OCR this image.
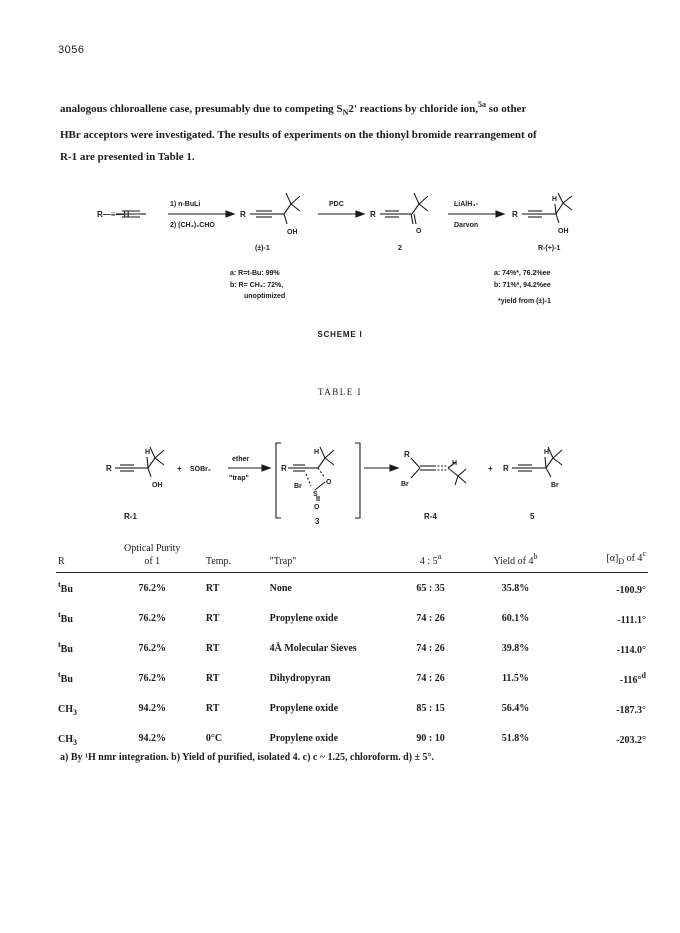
3056
analogous chloroallene case, presumably due to competing $S_N2'$ reactions by chloride ion,$^{5a}$ so other
HBr acceptors were investigated. The results of experiments on the thionyl bromide rearrangement of
R-1 are presented in Table 1.
R—≡—H
1) n-BuLi
2) (CH₃)₂CHO
R
OH
(±)-1
PDC
R
O
2
LiAlH₄-
Darvon
R
H
OH
R-(+)-1
a: R=t-Bu: 99%
b: R= CH₃: 72%,
unoptimized
a: 74%*, 76.2%ee
b: 71%*, 94.2%ee
*yield from (±)-1
SCHEME I
TABLE I
R
H
OH
+ SOBr₂
ether
"trap"
R
H
Br
O
S
O
R
Br
H
+ R
H
Br
R-1
3
R-4	5
R	Optical Purity
of 1	Temp.	"Trap"	4 : 5$^a$	Yield of 4$^b$	$[\alpha]_D$ of 4$^c$
$^t$Bu	76.2%	RT	None	65 : 35	35.8%	-100.9°
$^t$Bu	76.2%	RT	Propylene oxide	74 : 26	60.1%	-111.1°
$^t$Bu	76.2%	RT	4Å Molecular Sieves	74 : 26	39.8%	-114.0°
$^t$Bu	76.2%	RT	Dihydropyran	74 : 26	11.5%	-116°$^d$
$CH_3$	94.2%	RT	Propylene oxide	85 : 15	56.4%	-187.3°
$CH_3$	94.2%	0°C	Propylene oxide	90 : 10	51.8%	-203.2°
a) By ¹H nmr integration. b) Yield of purified, isolated 4. c) c ~ 1.25, chloroform. d) ± 5°.
